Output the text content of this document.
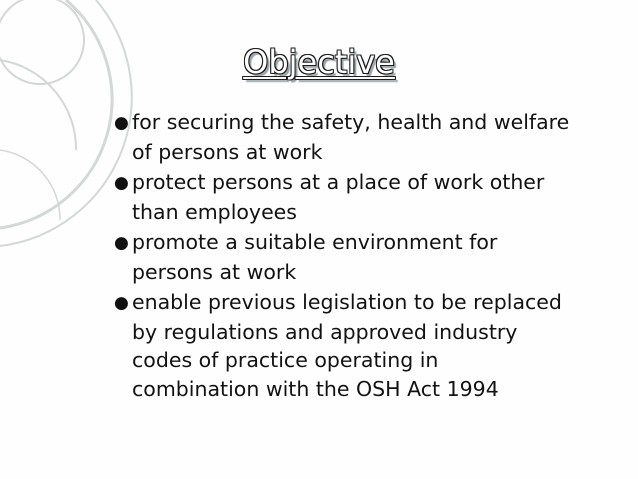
Objective
● for securing the safety, health and welfare
of persons at work
● protect persons at a place of work other
than employees
● promote a suitable environment for
persons at work
● enable previous legislation to be replaced
by regulations and approved industry
codes of practice operating in
combination with the OSH Act 1994
